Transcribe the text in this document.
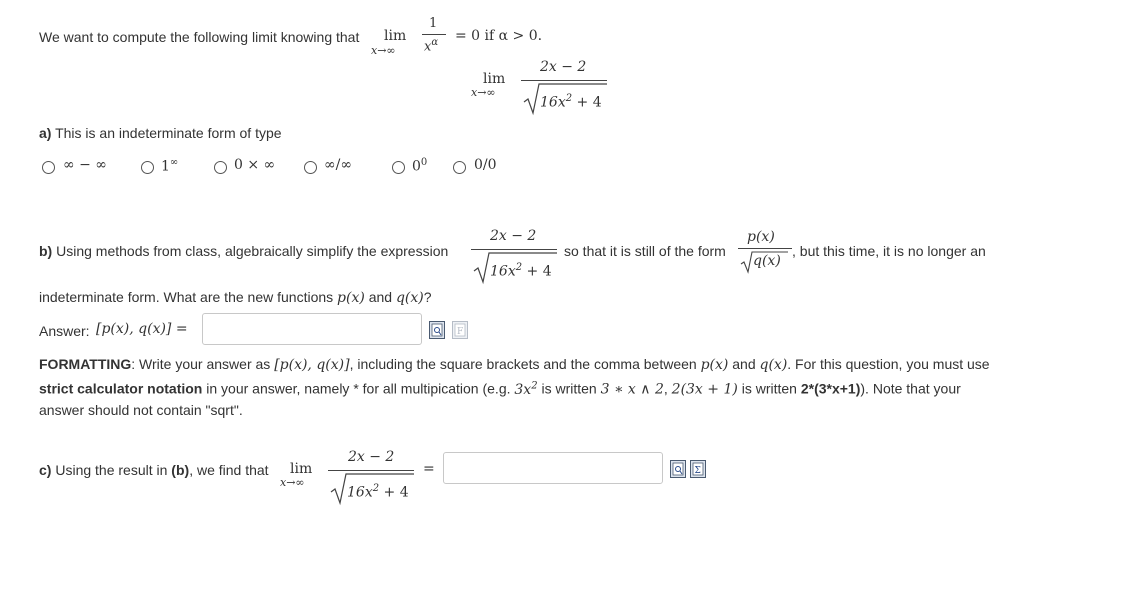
We want to compute the following limit knowing that lim
x→∞
1
$x^\alpha = 0$ if α > 0.
lim
x→∞
2x − 2
$16x^2 + 4$
a) This is an indeterminate form of type
∞ − ∞	1∞	0 × ∞	∞/∞	$0^0$	0/0
b) Using methods from class, algebraically simplify the expression
2x − 2
$16x^2 + 4$
so that it is still of the form
p(x)
q(x)
, but this time, it is no longer an
indeterminate form. What are the new functions p(x) and q(x)?
Answer: [p(x), q(x)] =	F
FORMATTING: Write your answer as [p(x), q(x)], including the square brackets and the comma between p(x) and q(x). For this question, you must use
strict calculator notation in your answer, namely * for all multipication (e.g. $3x^2$ is written 3 ∗ x ∧ 2, 2(3x + 1) is written 2*(3*x+1)). Note that your
answer should not contain "sqrt".
c) Using the result in (b), we find that lim
x→∞
2x − 2
$16x^2 + 4$
=	Σ
